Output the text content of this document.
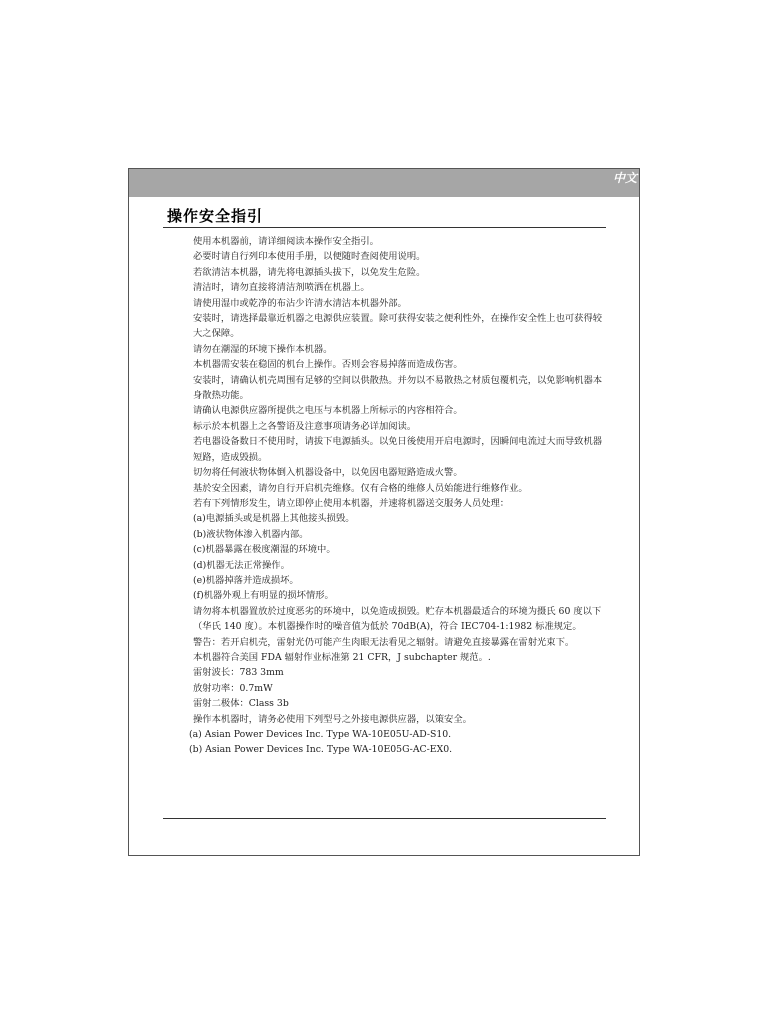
中文
操作安全指引

使用本机器前，请详细阅读本操作安全指引。

必要时请自行列印本使用手册，以便随时查阅使用说明。

若欲清洁本机器，请先将电源插头拔下，以免发生危险。

清洁时，请勿直接将清洁剂喷洒在机器上。

请使用湿巾或乾净的布沾少许清水清洁本机器外部。

安装时，请选择最靠近机器之电源供应装置。除可获得安装之便利性外，在操作安全性上也可获得较大之保障。

请勿在潮湿的环境下操作本机器。

本机器需安装在稳固的机台上操作。否则会容易掉落而造成伤害。

安装时，请确认机壳周围有足够的空间以供散热。并勿以不易散热之材质包覆机壳，以免影响机器本身散热功能。

请确认电源供应器所提供之电压与本机器上所标示的内容相符合。

标示於本机器上之各警语及注意事项请务必详加阅读。

若电器设备数日不使用时，请拔下电源插头。以免日後使用开启电源时，因瞬间电流过大而导致机器短路，造成毁损。

切勿将任何液状物体倒入机器设备中，以免因电器短路造成火警。

基於安全因素，请勿自行开启机壳维修。仅有合格的维修人员始能进行维修作业。

若有下列情形发生，请立即停止使用本机器，并速将机器送交服务人员处理：

(a)电源插头或是机器上其他接头损毁。

(b)液状物体渗入机器内部。

(c)机器暴露在极度潮湿的环境中。

(d)机器无法正常操作。

(e)机器掉落并造成损坏。

(f)机器外观上有明显的损坏情形。

请勿将本机器置放於过度恶劣的环境中，以免造成损毁。贮存本机器最适合的环境为摄氏 60 度以下（华氏 140 度）。本机器操作时的噪音值为低於 70dB(A)，符合 IEC704-1:1982 标准规定。

警告：若开启机壳，雷射光仍可能产生肉眼无法看见之辐射。请避免直接暴露在雷射光束下。

本机器符合美国 FDA 辐射作业标准第 21 CFR，J subchapter 规范。.

雷射波长：783 3mm

放射功率：0.7mW

雷射二极体：Class 3b

操作本机器时，请务必使用下列型号之外接电源供应器，以策安全。

(a) Asian Power Devices Inc. Type WA-10E05U-AD-S10.

(b) Asian Power Devices Inc. Type WA-10E05G-AC-EX0.
